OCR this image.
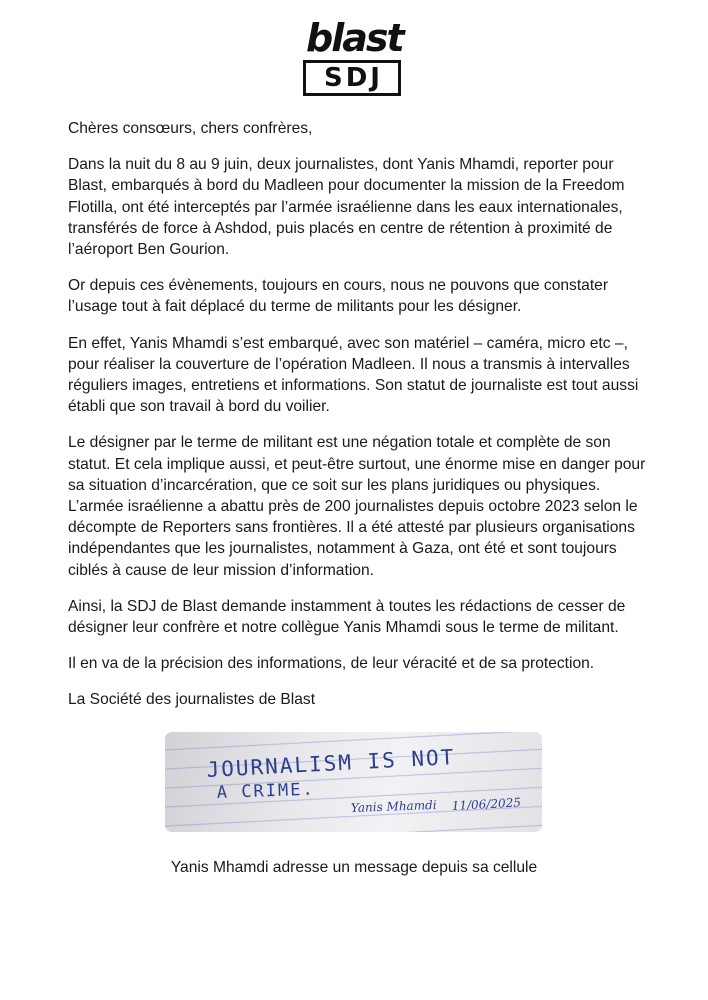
blast
SDJ

Chères consœurs, chers confrères,

Dans la nuit du 8 au 9 juin, deux journalistes, dont Yanis Mhamdi, reporter pour Blast, embarqués à bord du Madleen pour documenter la mission de la Freedom Flotilla, ont été interceptés par l’armée israélienne dans les eaux internationales, transférés de force à Ashdod, puis placés en centre de rétention à proximité de l’aéroport Ben Gourion.

Or depuis ces évènements, toujours en cours, nous ne pouvons que constater l’usage tout à fait déplacé du terme de militants pour les désigner.

En effet, Yanis Mhamdi s’est embarqué, avec son matériel – caméra, micro etc –, pour réaliser la couverture de l’opération Madleen. Il nous a transmis à intervalles réguliers images, entretiens et informations. Son statut de journaliste est tout aussi établi que son travail à bord du voilier.

Le désigner par le terme de militant est une négation totale et complète de son statut. Et cela implique aussi, et peut-être surtout, une énorme mise en danger pour sa situation d’incarcération, que ce soit sur les plans juridiques ou physiques. L’armée israélienne a abattu près de 200 journalistes depuis octobre 2023 selon le décompte de Reporters sans frontières. Il a été attesté par plusieurs organisations indépendantes que les journalistes, notamment à Gaza, ont été et sont toujours ciblés à cause de leur mission d’information.

Ainsi, la SDJ de Blast demande instamment à toutes les rédactions de cesser de désigner leur confrère et notre collègue Yanis Mhamdi sous le terme de militant.

Il en va de la précision des informations, de leur véracité et de sa protection.

La Société des journalistes de Blast

JOURNALISM IS NOT
A CRIME.
Yanis Mhamdi 11/06/2025
Yanis Mhamdi adresse un message depuis sa cellule
